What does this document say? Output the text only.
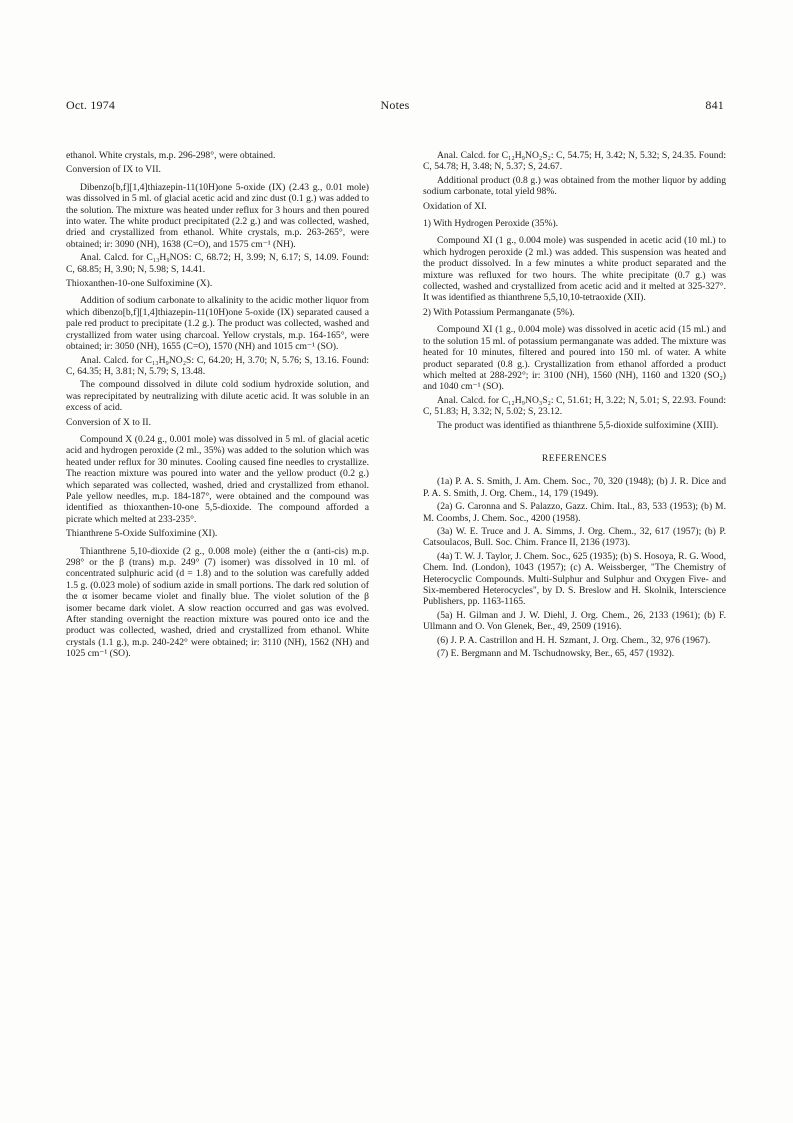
Oct. 1974	Notes	841

ethanol. White crystals, m.p. 296-298°, were obtained.

Conversion of IX to VII.

Dibenzo[b,f][1,4]thiazepin-11(10H)one 5-oxide (IX) (2.43 g., 0.01 mole) was dissolved in 5 ml. of glacial acetic acid and zinc dust (0.1 g.) was added to the solution. The mixture was heated under reflux for 3 hours and then poured into water. The white product precipitated (2.2 g.) and was collected, washed, dried and crystallized from ethanol. White crystals, m.p. 263-265°, were obtained; ir: 3090 (NH), 1638 (C=O), and 1575 cm⁻¹ (NH).

Anal. Calcd. for C₁₃H₉NOS: C, 68.72; H, 3.99; N, 6.17; S, 14.09. Found: C, 68.85; H, 3.90; N, 5.98; S, 14.41.

Thioxanthen-10-one Sulfoximine (X).

Addition of sodium carbonate to alkalinity to the acidic mother liquor from which dibenzo[b,f][1,4]thiazepin-11(10H)one 5-oxide (IX) separated caused a pale red product to precipitate (1.2 g.). The product was collected, washed and crystallized from water using charcoal. Yellow crystals, m.p. 164-165°, were obtained; ir: 3050 (NH), 1655 (C=O), 1570 (NH) and 1015 cm⁻¹ (SO).

Anal. Calcd. for C₁₃H₉NO₂S: C, 64.20; H, 3.70; N, 5.76; S, 13.16. Found: C, 64.35; H, 3.81; N, 5.79; S, 13.48.

The compound dissolved in dilute cold sodium hydroxide solution, and was reprecipitated by neutralizing with dilute acetic acid. It was soluble in an excess of acid.

Conversion of X to II.

Compound X (0.24 g., 0.001 mole) was dissolved in 5 ml. of glacial acetic acid and hydrogen peroxide (2 ml., 35%) was added to the solution which was heated under reflux for 30 minutes. Cooling caused fine needles to crystallize. The reaction mixture was poured into water and the yellow product (0.2 g.) which separated was collected, washed, dried and crystallized from ethanol. Pale yellow needles, m.p. 184-187°, were obtained and the compound was identified as thioxanthen-10-one 5,5-dioxide. The compound afforded a picrate which melted at 233-235°.

Thianthrene 5-Oxide Sulfoximine (XI).

Thianthrene 5,10-dioxide (2 g., 0.008 mole) (either the α (anti-cis) m.p. 298° or the β (trans) m.p. 249° (7) isomer) was dissolved in 10 ml. of concentrated sulphuric acid (d = 1.8) and to the solution was carefully added 1.5 g. (0.023 mole) of sodium azide in small portions. The dark red solution of the α isomer became violet and finally blue. The violet solution of the β isomer became dark violet. A slow reaction occurred and gas was evolved. After standing overnight the reaction mixture was poured onto ice and the product was collected, washed, dried and crystallized from ethanol. White crystals (1.1 g.), m.p. 240-242° were obtained; ir: 3110 (NH), 1562 (NH) and 1025 cm⁻¹ (SO).

Anal. Calcd. for C₁₂H₉NO₂S₂: C, 54.75; H, 3.42; N, 5.32; S, 24.35. Found: C, 54.78; H, 3.48; N, 5.37; S, 24.67.

Additional product (0.8 g.) was obtained from the mother liquor by adding sodium carbonate, total yield 98%.

Oxidation of XI.

1) With Hydrogen Peroxide (35%).

Compound XI (1 g., 0.004 mole) was suspended in acetic acid (10 ml.) to which hydrogen peroxide (2 ml.) was added. This suspension was heated and the product dissolved. In a few minutes a white product separated and the mixture was refluxed for two hours. The white precipitate (0.7 g.) was collected, washed and crystallized from acetic acid and it melted at 325-327°. It was identified as thianthrene 5,5,10,10-tetraoxide (XII).

2) With Potassium Permanganate (5%).

Compound XI (1 g., 0.004 mole) was dissolved in acetic acid (15 ml.) and to the solution 15 ml. of potassium permanganate was added. The mixture was heated for 10 minutes, filtered and poured into 150 ml. of water. A white product separated (0.8 g.). Crystallization from ethanol afforded a product which melted at 288-292°; ir: 3100 (NH), 1560 (NH), 1160 and 1320 (SO₂) and 1040 cm⁻¹ (SO).

Anal. Calcd. for C₁₂H₉NO₃S₂: C, 51.61; H, 3.22; N, 5.01; S, 22.93. Found: C, 51.83; H, 3.32; N, 5.02; S, 23.12.

The product was identified as thianthrene 5,5-dioxide sulfoximine (XIII).

REFERENCES

(1a) P. A. S. Smith, J. Am. Chem. Soc., 70, 320 (1948); (b) J. R. Dice and P. A. S. Smith, J. Org. Chem., 14, 179 (1949).

(2a) G. Caronna and S. Palazzo, Gazz. Chim. Ital., 83, 533 (1953); (b) M. M. Coombs, J. Chem. Soc., 4200 (1958).

(3a) W. E. Truce and J. A. Simms, J. Org. Chem., 32, 617 (1957); (b) P. Catsoulacos, Bull. Soc. Chim. France II, 2136 (1973).

(4a) T. W. J. Taylor, J. Chem. Soc., 625 (1935); (b) S. Hosoya, R. G. Wood, Chem. Ind. (London), 1043 (1957); (c) A. Weissberger, "The Chemistry of Heterocyclic Compounds. Multi-Sulphur and Sulphur and Oxygen Five- and Six-membered Heterocycles", by D. S. Breslow and H. Skolnik, Interscience Publishers, pp. 1163-1165.

(5a) H. Gilman and J. W. Diehl, J. Org. Chem., 26, 2133 (1961); (b) F. Ullmann and O. Von Glenek, Ber., 49, 2509 (1916).

(6) J. P. A. Castrillon and H. H. Szmant, J. Org. Chem., 32, 976 (1967).

(7) E. Bergmann and M. Tschudnowsky, Ber., 65, 457 (1932).
